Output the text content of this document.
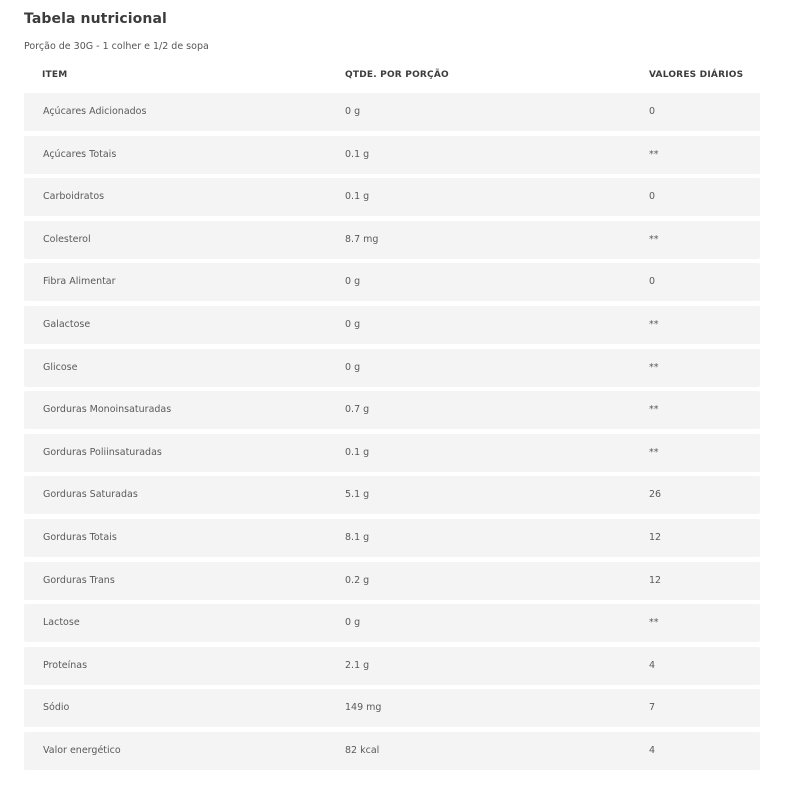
Tabela nutricional
Porção de 30G - 1 colher e 1/2 de sopa
ITEM	QTDE. POR PORÇÃO	VALORES DIÁRIOS
Açúcares Adicionados	0 g	0
Açúcares Totais	0.1 g	**
Carboidratos	0.1 g	0
Colesterol	8.7 mg	**
Fibra Alimentar	0 g	0
Galactose	0 g	**
Glicose	0 g	**
Gorduras Monoinsaturadas	0.7 g	**
Gorduras Poliinsaturadas	0.1 g	**
Gorduras Saturadas	5.1 g	26
Gorduras Totais	8.1 g	12
Gorduras Trans	0.2 g	12
Lactose	0 g	**
Proteínas	2.1 g	4
Sódio	149 mg	7
Valor energético	82 kcal	4
